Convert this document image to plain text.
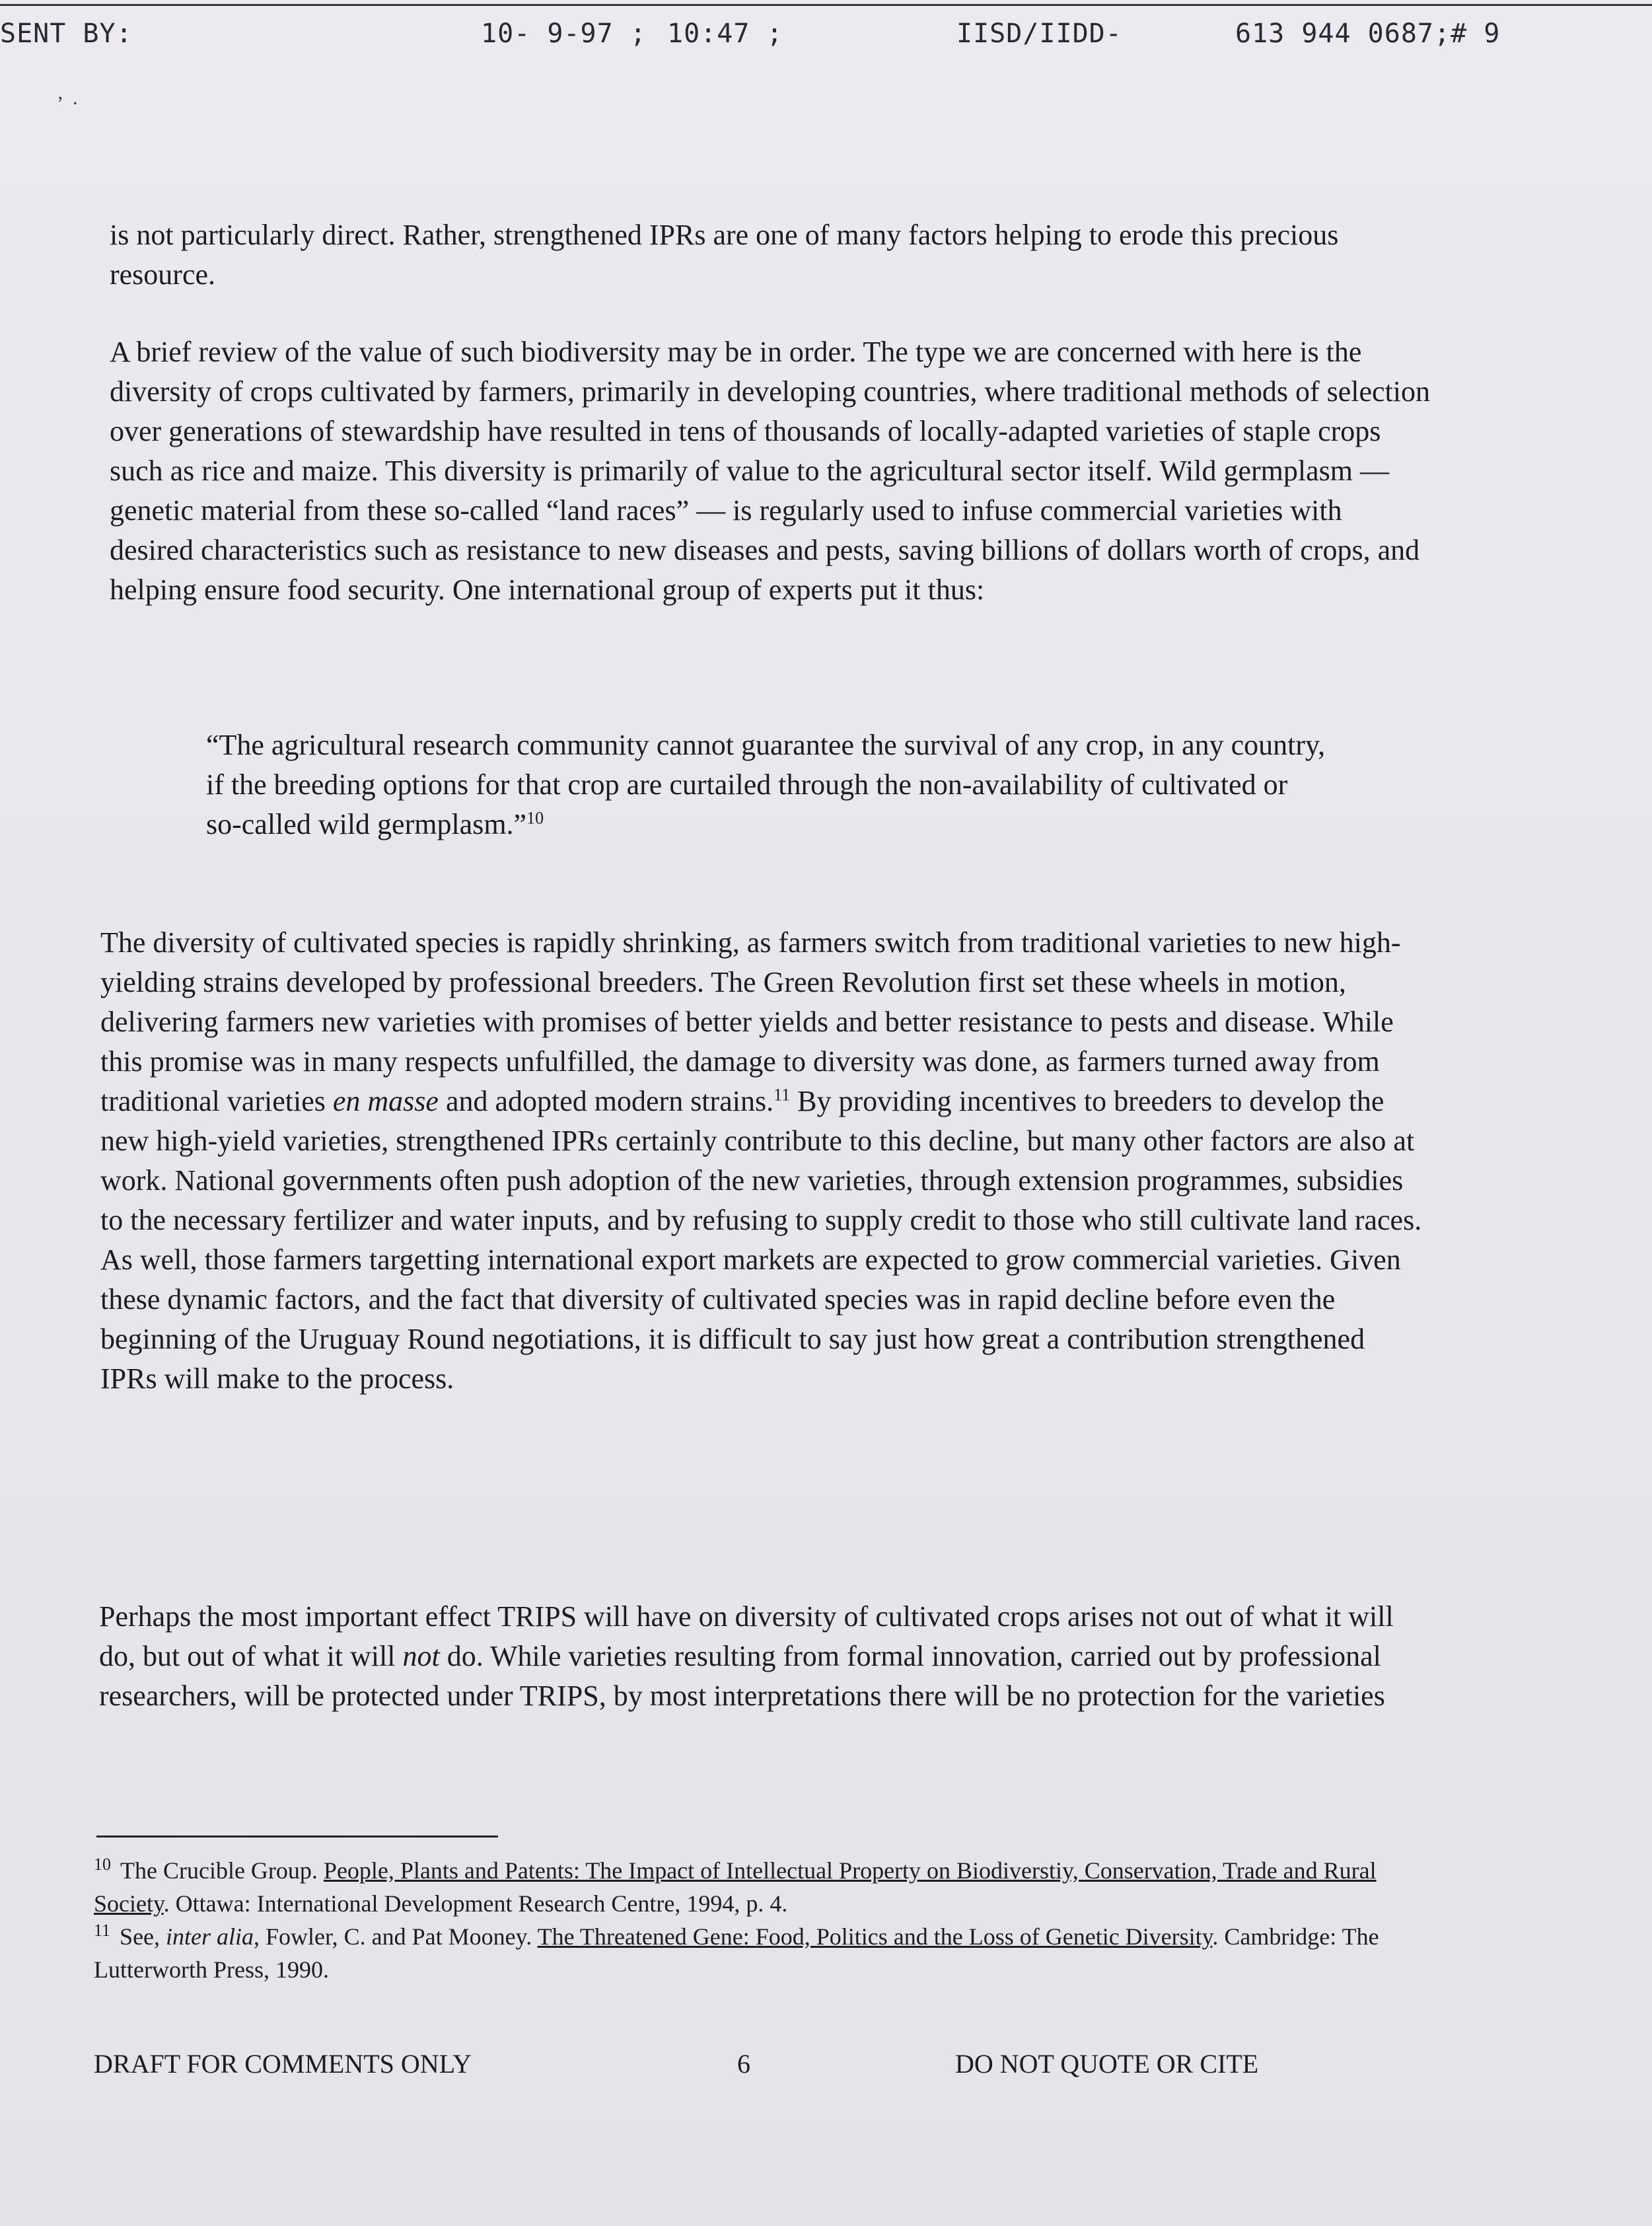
SENT BY:	10- 9-97 ; 10:47 ;	IISD/IIDD-	613 944 0687;# 9
’  ·

is not particularly direct. Rather, strengthened IPRs are one of many factors helping to erode this precious resource.

A brief review of the value of such biodiversity may be in order. The type we are concerned with here is the diversity of crops cultivated by farmers, primarily in developing countries, where traditional methods of selection over generations of stewardship have resulted in tens of thousands of locally-adapted varieties of staple crops such as rice and maize. This diversity is primarily of value to the agricultural sector itself. Wild germplasm — genetic material from these so-called “land races” — is regularly used to infuse commercial varieties with desired characteristics such as resistance to new diseases and pests, saving billions of dollars worth of crops, and helping ensure food security. One international group of experts put it thus:

“The agricultural research community cannot guarantee the survival of any crop, in any country, if the breeding options for that crop are curtailed through the non-availability of cultivated or so-called wild germplasm.”$^{10}$

The diversity of cultivated species is rapidly shrinking, as farmers switch from traditional varieties to new high-yielding strains developed by professional breeders. The Green Revolution first set these wheels in motion, delivering farmers new varieties with promises of better yields and better resistance to pests and disease. While this promise was in many respects unfulfilled, the damage to diversity was done, as farmers turned away from traditional varieties en masse and adopted modern strains.$^{11}$ By providing incentives to breeders to develop the new high-yield varieties, strengthened IPRs certainly contribute to this decline, but many other factors are also at work. National governments often push adoption of the new varieties, through extension programmes, subsidies to the necessary fertilizer and water inputs, and by refusing to supply credit to those who still cultivate land races. As well, those farmers targetting international export markets are expected to grow commercial varieties. Given these dynamic factors, and the fact that diversity of cultivated species was in rapid decline before even the beginning of the Uruguay Round negotiations, it is difficult to say just how great a contribution strengthened IPRs will make to the process.

Perhaps the most important effect TRIPS will have on diversity of cultivated crops arises not out of what it will do, but out of what it will not do. While varieties resulting from formal innovation, carried out by professional researchers, will be protected under TRIPS, by most interpretations there will be no protection for the varieties

$^{10}$ The Crucible Group. People, Plants and Patents: The Impact of Intellectual Property on Biodiverstiy, Conservation, Trade and Rural Society. Ottawa: International Development Research Centre, 1994, p. 4.

$^{11}$ See, inter alia, Fowler, C. and Pat Mooney. The Threatened Gene: Food, Politics and the Loss of Genetic Diversity. Cambridge: The Lutterworth Press, 1990.

DRAFT FOR COMMENTS ONLY	6	DO NOT QUOTE OR CITE
